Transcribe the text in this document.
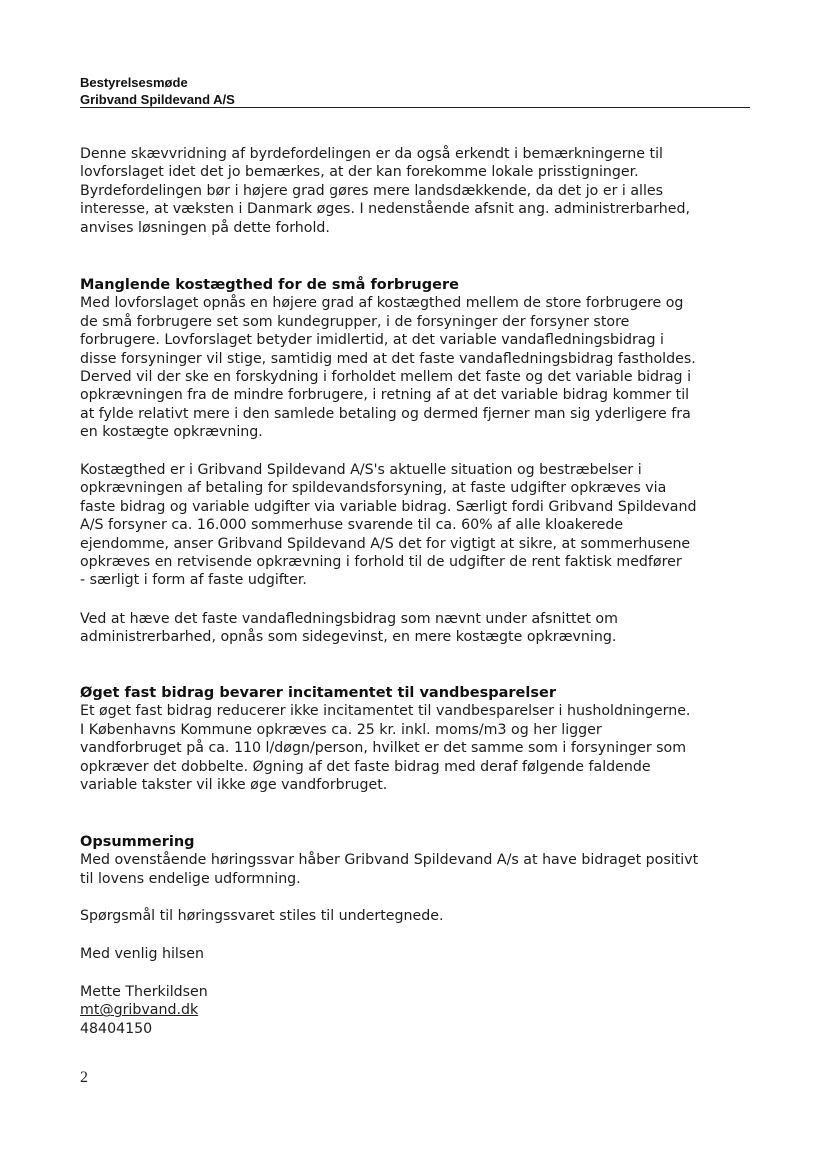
Bestyrelsesmøde
Gribvand Spildevand A/S

Denne skævvridning af byrdefordelingen er da også erkendt i bemærkningerne til
lovforslaget idet det jo bemærkes, at der kan forekomme lokale prisstigninger.
Byrdefordelingen bør i højere grad gøres mere landsdækkende, da det jo er i alles
interesse, at væksten i Danmark øges. I nedenstående afsnit ang. administrerbarhed,
anvises løsningen på dette forhold.

Manglende kostægthed for de små forbrugere

Med lovforslaget opnås en højere grad af kostægthed mellem de store forbrugere og
de små forbrugere set som kundegrupper, i de forsyninger der forsyner store
forbrugere. Lovforslaget betyder imidlertid, at det variable vandafledningsbidrag i
disse forsyninger vil stige, samtidig med at det faste vandafledningsbidrag fastholdes.
Derved vil der ske en forskydning i forholdet mellem det faste og det variable bidrag i
opkrævningen fra de mindre forbrugere, i retning af at det variable bidrag kommer til
at fylde relativt mere i den samlede betaling og dermed fjerner man sig yderligere fra
en kostægte opkrævning.

Kostægthed er i Gribvand Spildevand A/S's aktuelle situation og bestræbelser i
opkrævningen af betaling for spildevandsforsyning, at faste udgifter opkræves via
faste bidrag og variable udgifter via variable bidrag. Særligt fordi Gribvand Spildevand
A/S forsyner ca. 16.000 sommerhuse svarende til ca. 60% af alle kloakerede
ejendomme, anser Gribvand Spildevand A/S det for vigtigt at sikre, at sommerhusene
opkræves en retvisende opkrævning i forhold til de udgifter de rent faktisk medfører
- særligt i form af faste udgifter.

Ved at hæve det faste vandafledningsbidrag som nævnt under afsnittet om
administrerbarhed, opnås som sidegevinst, en mere kostægte opkrævning.

Øget fast bidrag bevarer incitamentet til vandbesparelser

Et øget fast bidrag reducerer ikke incitamentet til vandbesparelser i husholdningerne.
I Københavns Kommune opkræves ca. 25 kr. inkl. moms/m3 og her ligger
vandforbruget på ca. 110 l/døgn/person, hvilket er det samme som i forsyninger som
opkræver det dobbelte. Øgning af det faste bidrag med deraf følgende faldende
variable takster vil ikke øge vandforbruget.

Opsummering

Med ovenstående høringssvar håber Gribvand Spildevand A/s at have bidraget positivt
til lovens endelige udformning.

Spørgsmål til høringssvaret stiles til undertegnede.

Med venlig hilsen

Mette Therkildsen

mt@gribvand.dk

48404150

2
